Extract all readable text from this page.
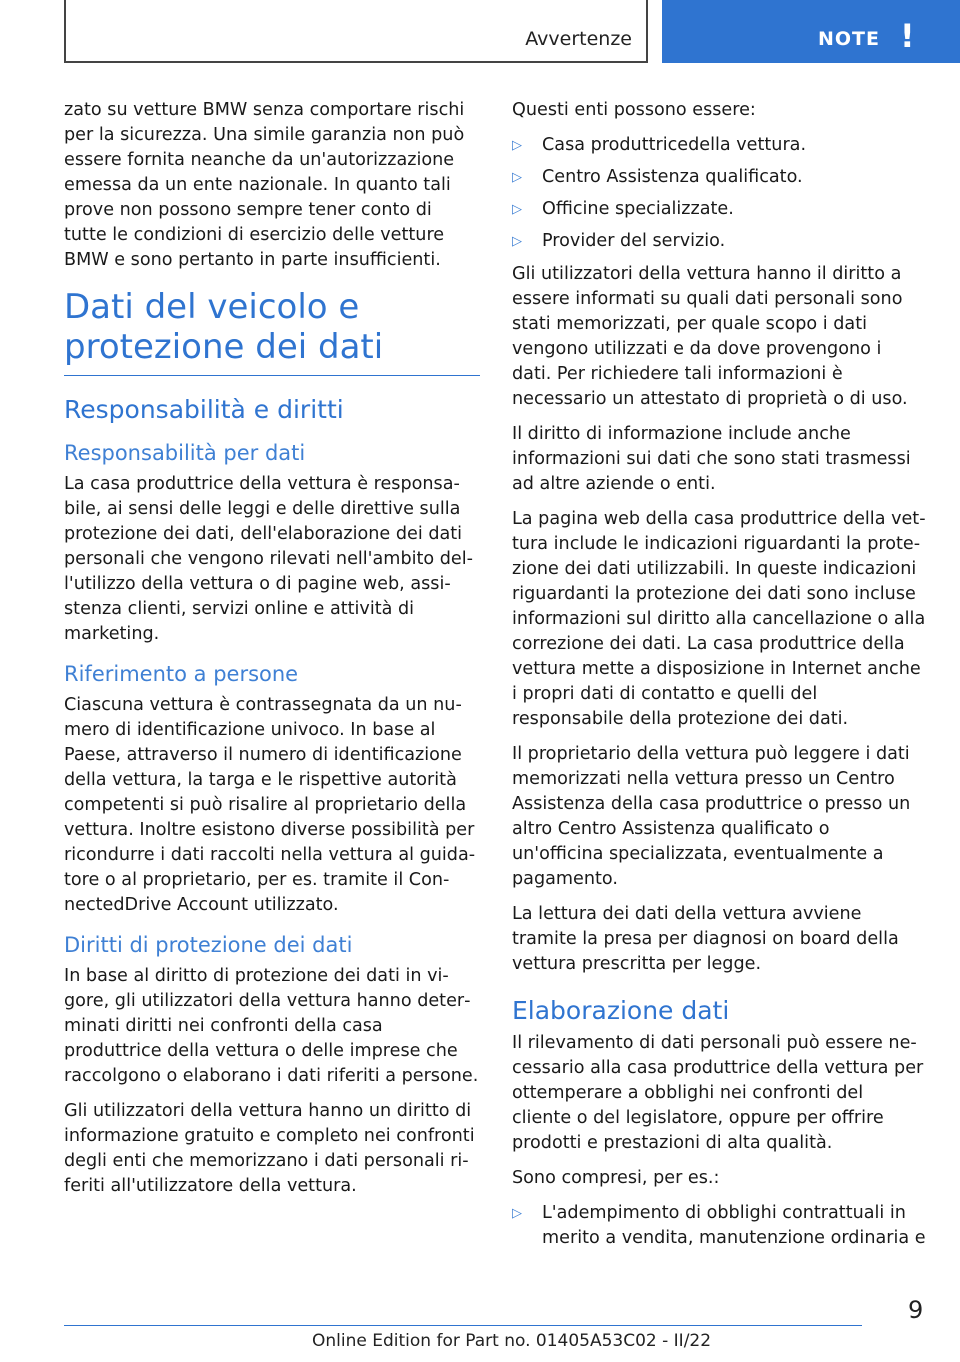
Avvertenze	NOTE !

zato su vetture BMW senza comportare rischi per la sicurezza. Una simile garanzia non può essere fornita neanche da un'autorizzazione emessa da un ente nazionale. In quanto tali prove non possono sempre tener conto di tutte le condizioni di esercizio delle vetture BMW e sono pertanto in parte insufficienti.

Dati del veicolo e protezione dei dati
Responsabilità e diritti
Responsabilità per dati

La casa produttrice della vettura è responsabile, ai sensi delle leggi e delle direttive sulla protezione dei dati, dell'elaborazione dei dati personali che vengono rilevati nell'ambito dell'utilizzo della vettura o di pagine web, assistenza clienti, servizi online e attività di marketing.

Riferimento a persone

Ciascuna vettura è contrassegnata da un numero di identificazione univoco. In base al Paese, attraverso il numero di identificazione della vettura, la targa e le rispettive autorità competenti si può risalire al proprietario della vettura. Inoltre esistono diverse possibilità per ricondurre i dati raccolti nella vettura al guidatore o al proprietario, per es. tramite il ConnectedDrive Account utilizzato.

Diritti di protezione dei dati

In base al diritto di protezione dei dati in vigore, gli utilizzatori della vettura hanno determinati diritti nei confronti della casa produttrice della vettura o delle imprese che raccolgono o elaborano i dati riferiti a persone.

Gli utilizzatori della vettura hanno un diritto di informazione gratuito e completo nei confronti degli enti che memorizzano i dati personali riferiti all'utilizzatore della vettura.

Questi enti possono essere:

▷ Casa produttricedella vettura.
▷ Centro Assistenza qualificato.
▷ Officine specializzate.
▷ Provider del servizio.

Gli utilizzatori della vettura hanno il diritto a essere informati su quali dati personali sono stati memorizzati, per quale scopo i dati vengono utilizzati e da dove provengono i dati. Per richiedere tali informazioni è necessario un attestato di proprietà o di uso.

Il diritto di informazione include anche informazioni sui dati che sono stati trasmessi ad altre aziende o enti.

La pagina web della casa produttrice della vettura include le indicazioni riguardanti la protezione dei dati utilizzabili. In queste indicazioni riguardanti la protezione dei dati sono incluse informazioni sul diritto alla cancellazione o alla correzione dei dati. La casa produttrice della vettura mette a disposizione in Internet anche i propri dati di contatto e quelli del responsabile della protezione dei dati.

Il proprietario della vettura può leggere i dati memorizzati nella vettura presso un Centro Assistenza della casa produttrice o presso un altro Centro Assistenza qualificato o un'officina specializzata, eventualmente a pagamento.

La lettura dei dati della vettura avviene tramite la presa per diagnosi on board della vettura prescritta per legge.

Elaborazione dati

Il rilevamento di dati personali può essere necessario alla casa produttrice della vettura per ottemperare a obblighi nei confronti del cliente o del legislatore, oppure per offrire prodotti e prestazioni di alta qualità.

Sono compresi, per es.:

▷ L'adempimento di obblighi contrattuali in merito a vendita, manutenzione ordinaria e
9
Online Edition for Part no. 01405A53C02 - II/22
